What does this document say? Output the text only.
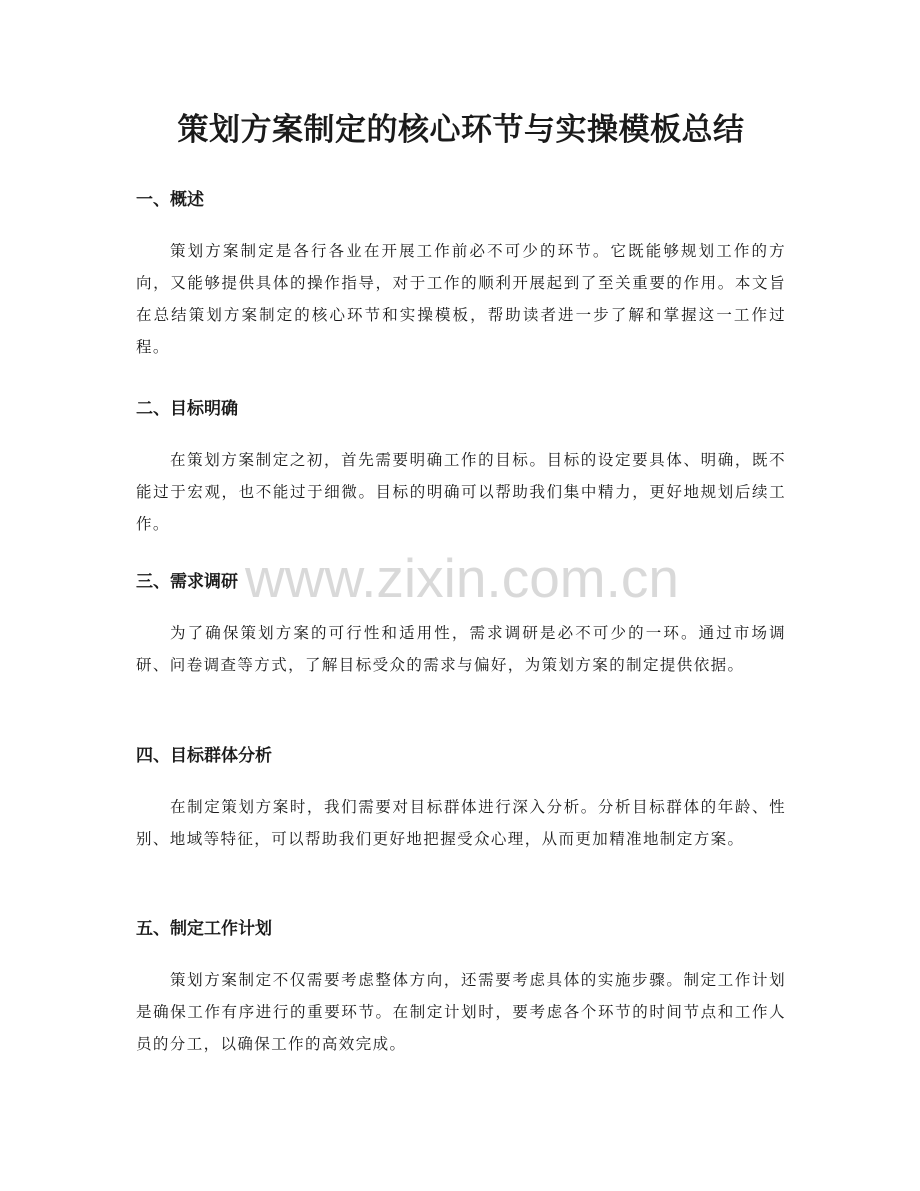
策划方案制定的核心环节与实操模板总结
一、概述

策划方案制定是各行各业在开展工作前必不可少的环节。它既能够规划工作的方向，又能够提供具体的操作指导，对于工作的顺利开展起到了至关重要的作用。本文旨在总结策划方案制定的核心环节和实操模板，帮助读者进一步了解和掌握这一工作过程。

二、目标明确

在策划方案制定之初，首先需要明确工作的目标。目标的设定要具体、明确，既不能过于宏观，也不能过于细微。目标的明确可以帮助我们集中精力，更好地规划后续工作。

三、需求调研

为了确保策划方案的可行性和适用性，需求调研是必不可少的一环。通过市场调研、问卷调查等方式，了解目标受众的需求与偏好，为策划方案的制定提供依据。

四、目标群体分析

在制定策划方案时，我们需要对目标群体进行深入分析。分析目标群体的年龄、性别、地域等特征，可以帮助我们更好地把握受众心理，从而更加精准地制定方案。

五、制定工作计划

策划方案制定不仅需要考虑整体方向，还需要考虑具体的实施步骤。制定工作计划是确保工作有序进行的重要环节。在制定计划时，要考虑各个环节的时间节点和工作人员的分工，以确保工作的高效完成。

www.zixin.com.cn
